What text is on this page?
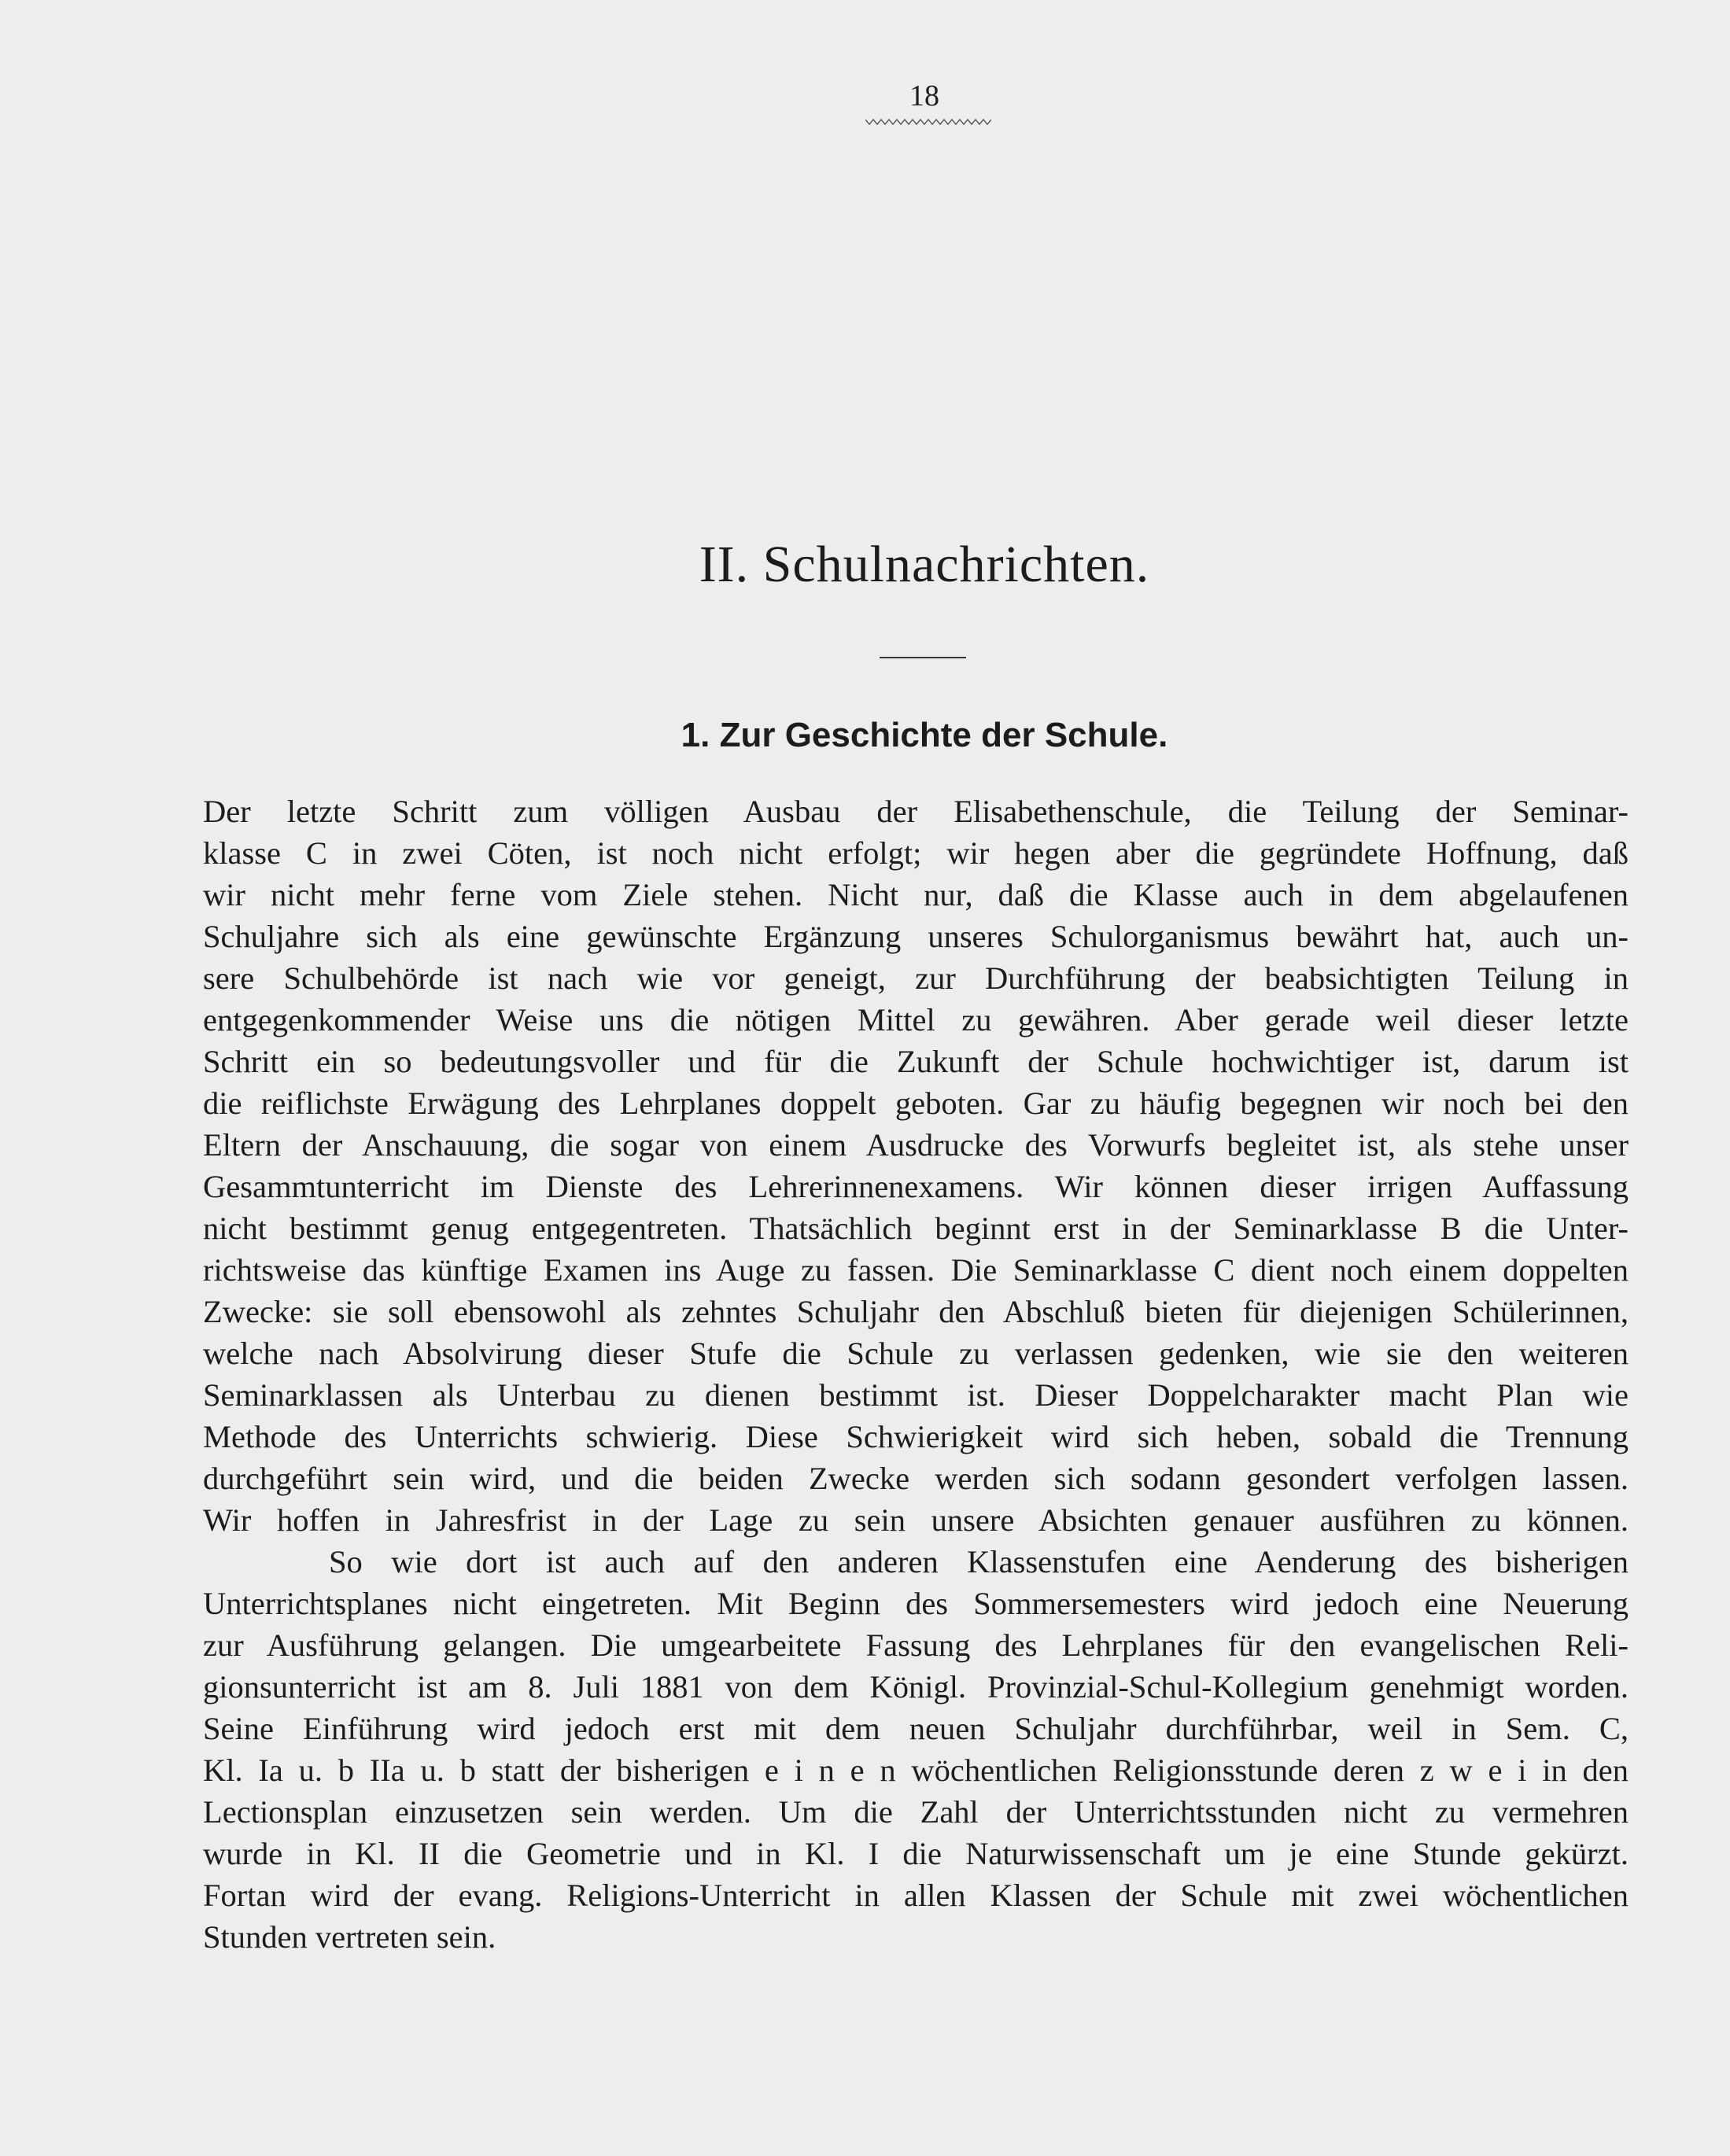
18
II. Schulnachrichten.
1. Zur Geschichte der Schule.
Der letzte Schritt zum völligen Ausbau der Elisabethenschule, die Teilung der Seminar-
klasse C in zwei Cöten, ist noch nicht erfolgt; wir hegen aber die gegründete Hoffnung, daß
wir nicht mehr ferne vom Ziele stehen. Nicht nur, daß die Klasse auch in dem abgelaufenen
Schuljahre sich als eine gewünschte Ergänzung unseres Schulorganismus bewährt hat, auch un-
sere Schulbehörde ist nach wie vor geneigt, zur Durchführung der beabsichtigten Teilung in
entgegenkommender Weise uns die nötigen Mittel zu gewähren. Aber gerade weil dieser letzte
Schritt ein so bedeutungsvoller und für die Zukunft der Schule hochwichtiger ist, darum ist
die reiflichste Erwägung des Lehrplanes doppelt geboten. Gar zu häufig begegnen wir noch bei den
Eltern der Anschauung, die sogar von einem Ausdrucke des Vorwurfs begleitet ist, als stehe unser
Gesammtunterricht im Dienste des Lehrerinnenexamens. Wir können dieser irrigen Auffassung
nicht bestimmt genug entgegentreten. Thatsächlich beginnt erst in der Seminarklasse B die Unter-
richtsweise das künftige Examen ins Auge zu fassen. Die Seminarklasse C dient noch einem doppelten
Zwecke: sie soll ebensowohl als zehntes Schuljahr den Abschluß bieten für diejenigen Schülerinnen,
welche nach Absolvirung dieser Stufe die Schule zu verlassen gedenken, wie sie den weiteren
Seminarklassen als Unterbau zu dienen bestimmt ist. Dieser Doppelcharakter macht Plan wie
Methode des Unterrichts schwierig. Diese Schwierigkeit wird sich heben, sobald die Trennung
durchgeführt sein wird, und die beiden Zwecke werden sich sodann gesondert verfolgen lassen.
Wir hoffen in Jahresfrist in der Lage zu sein unsere Absichten genauer ausführen zu können.
So wie dort ist auch auf den anderen Klassenstufen eine Aenderung des bisherigen
Unterrichtsplanes nicht eingetreten. Mit Beginn des Sommersemesters wird jedoch eine Neuerung
zur Ausführung gelangen. Die umgearbeitete Fassung des Lehrplanes für den evangelischen Reli-
gionsunterricht ist am 8. Juli 1881 von dem Königl. Provinzial-Schul-Kollegium genehmigt worden.
Seine Einführung wird jedoch erst mit dem neuen Schuljahr durchführbar, weil in Sem. C,
Kl. Ia u. b IIa u. b statt der bisherigen e i n e n wöchentlichen Religionsstunde deren z w e i in den
Lectionsplan einzusetzen sein werden. Um die Zahl der Unterrichtsstunden nicht zu vermehren
wurde in Kl. II die Geometrie und in Kl. I die Naturwissenschaft um je eine Stunde gekürzt.
Fortan wird der evang. Religions-Unterricht in allen Klassen der Schule mit zwei wöchentlichen
Stunden vertreten sein.
